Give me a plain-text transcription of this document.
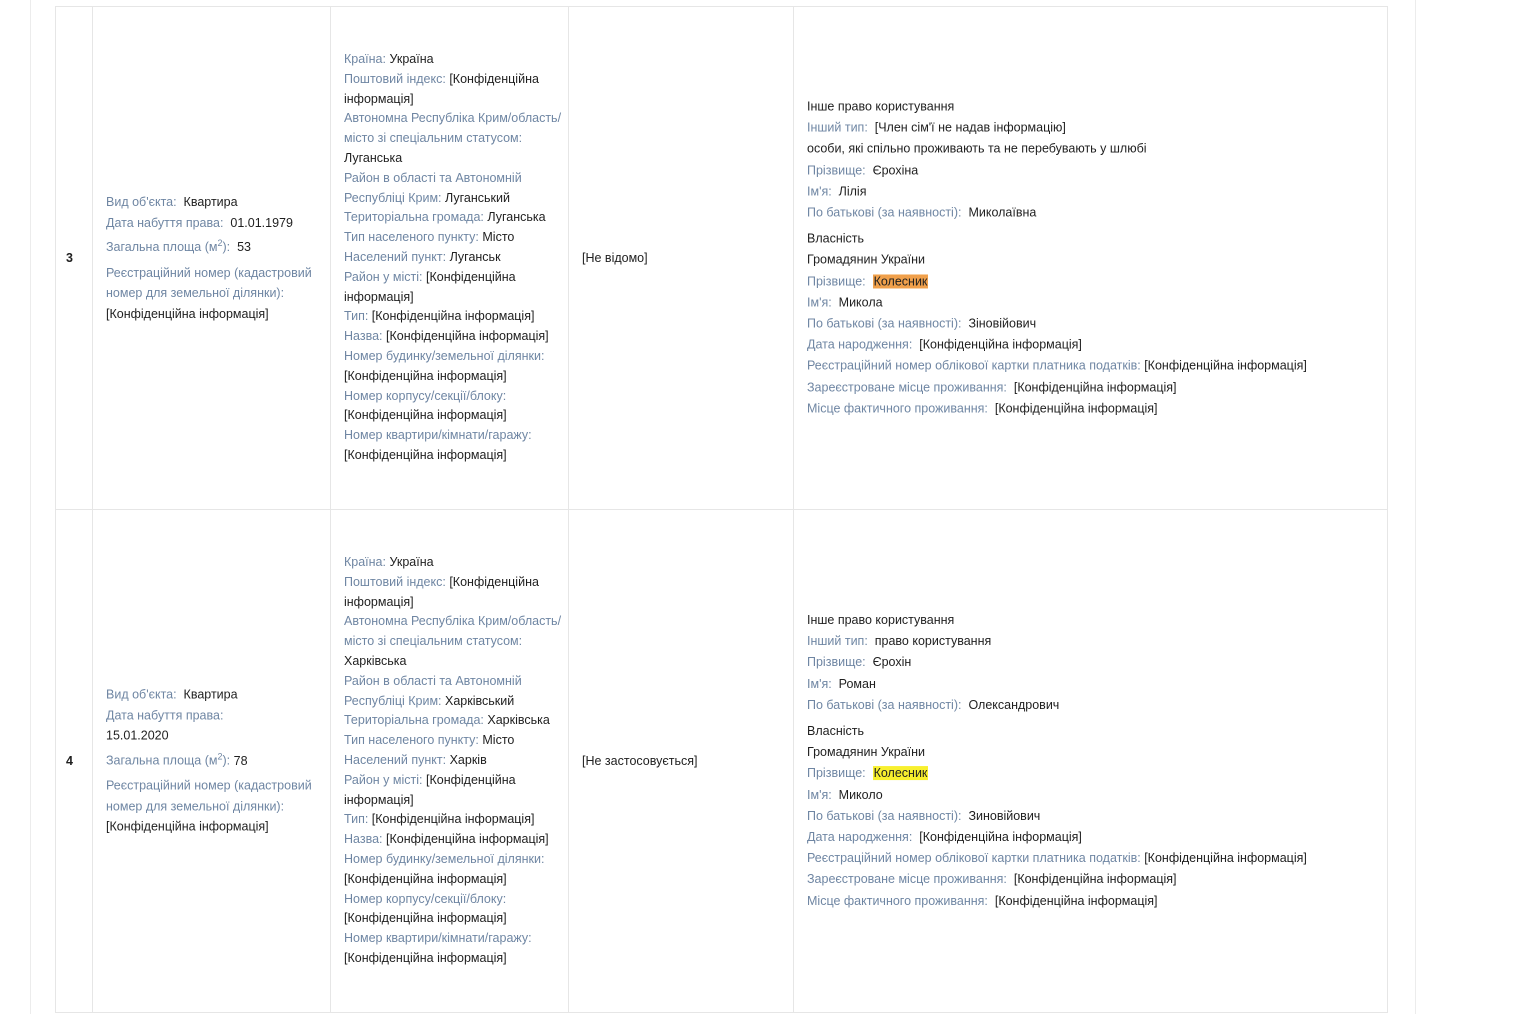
3
Вид об'єкта: Квартира
Дата набуття права: 01.01.1979
Загальна площа $(м^2)$: 53
Реєстраційний номер (кадастровий номер для земельної ділянки):
[Конфіденційна інформація]
Країна: Україна
Поштовий індекс: [Конфіденційна інформація]
Автономна Республіка Крим/область/місто зі спеціальним статусом: Луганська
Район в області та Автономній Республіці Крим: Луганський
Територіальна громада: Луганська
Тип населеного пункту: Місто
Населений пункт: Луганськ
Район у місті: [Конфіденційна інформація]
Тип: [Конфіденційна інформація]
Назва: [Конфіденційна інформація]
Номер будинку/земельної ділянки: [Конфіденційна інформація]
Номер корпусу/секції/блоку: [Конфіденційна інформація]
Номер квартири/кімнати/гаражу: [Конфіденційна інформація]
[Не відомо]
Інше право користування
Інший тип: [Член сім'ї не надав інформацію]
особи, які спільно проживають та не перебувають у шлюбі
Прізвище: Єрохіна
Ім'я: Лілія
По батькові (за наявності): Миколаївна
Власність
Громадянин України
Прізвище: Колесник
Ім'я: Микола
По батькові (за наявності): Зіновійович
Дата народження: [Конфіденційна інформація]
Реєстраційний номер облікової картки платника податків: [Конфіденційна інформація]
Зареєстроване місце проживання: [Конфіденційна інформація]
Місце фактичного проживання: [Конфіденційна інформація]
4
Вид об'єкта: Квартира
Дата набуття права:
15.01.2020
Загальна площа $(м^2)$: 78
Реєстраційний номер (кадастровий номер для земельної ділянки):
[Конфіденційна інформація]
Країна: Україна
Поштовий індекс: [Конфіденційна інформація]
Автономна Республіка Крим/область/місто зі спеціальним статусом: Харківська
Район в області та Автономній Республіці Крим: Харківський
Територіальна громада: Харківська
Тип населеного пункту: Місто
Населений пункт: Харків
Район у місті: [Конфіденційна інформація]
Тип: [Конфіденційна інформація]
Назва: [Конфіденційна інформація]
Номер будинку/земельної ділянки: [Конфіденційна інформація]
Номер корпусу/секції/блоку: [Конфіденційна інформація]
Номер квартири/кімнати/гаражу: [Конфіденційна інформація]
[Не застосовується]
Інше право користування
Інший тип: право користування
Прізвище: Єрохін
Ім'я: Роман
По батькові (за наявності): Олександрович
Власність
Громадянин України
Прізвище: Колесник
Ім'я: Миколо
По батькові (за наявності): Зиновійович
Дата народження: [Конфіденційна інформація]
Реєстраційний номер облікової картки платника податків: [Конфіденційна інформація]
Зареєстроване місце проживання: [Конфіденційна інформація]
Місце фактичного проживання: [Конфіденційна інформація]
